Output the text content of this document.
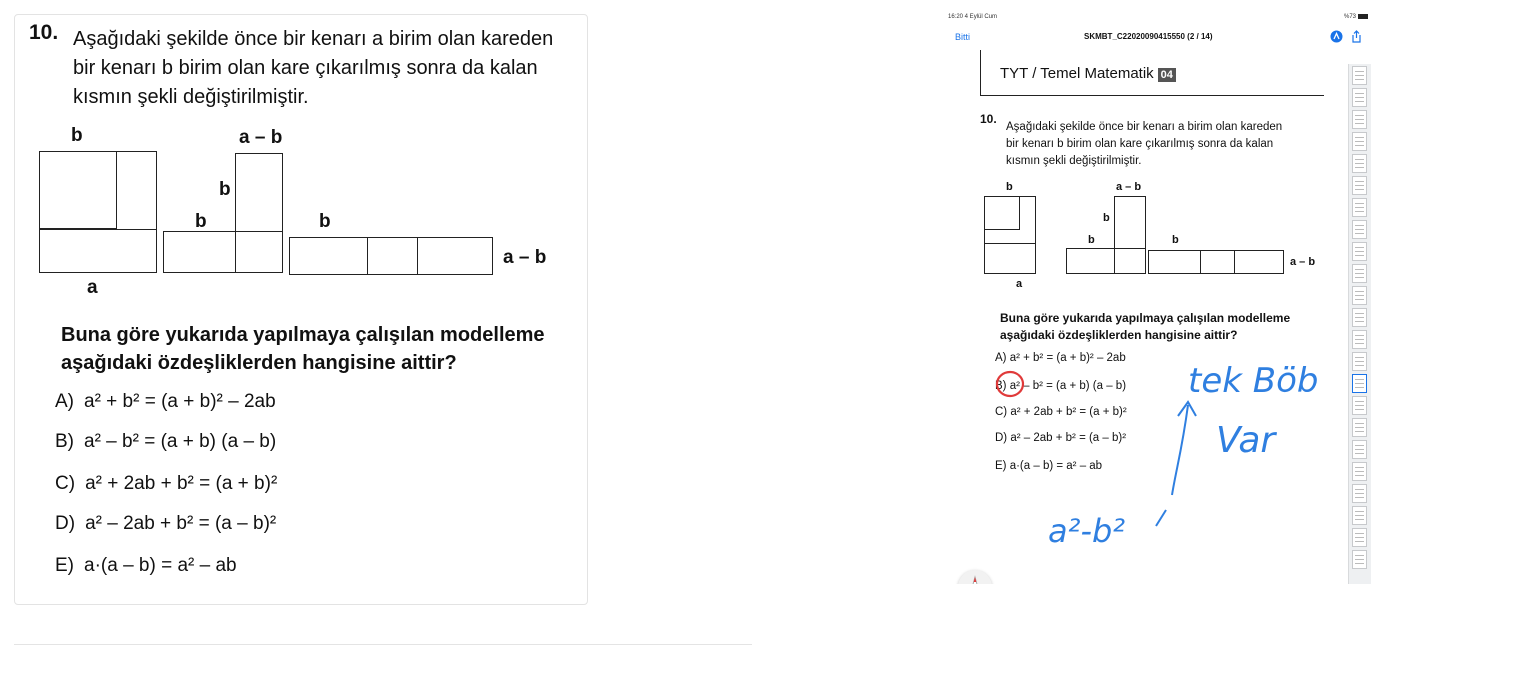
10. Aşağıdaki şekilde önce bir kenarı a birim olan kareden
bir kenarı b birim olan kare çıkarılmış sonra da kalan
kısmın şekli değiştirilmiştir.
b
a
a – b
b
b	b
a – b
Buna göre yukarıda yapılmaya çalışılan modelleme
aşağıdaki özdeşliklerden hangisine aittir?
A) a² + b² = (a + b)² – 2ab
B) a² – b² = (a + b) (a – b)
C) a² + 2ab + b² = (a + b)²
D) a² – 2ab + b² = (a – b)²
E) a·(a – b) = a² – ab
16:20 4 Eylül Cum	%73
Bitti	SKMBT_C22020090415550 (2 / 14)
TYT / Temel Matematik 04
10.
Aşağıdaki şekilde önce bir kenarı a birim olan kareden
bir kenarı b birim olan kare çıkarılmış sonra da kalan
kısmın şekli değiştirilmiştir.
b
a
a – b
b
b	b
a – b
Buna göre yukarıda yapılmaya çalışılan modelleme
aşağıdaki özdeşliklerden hangisine aittir?
A) a² + b² = (a + b)² – 2ab
B) a² – b² = (a + b) (a – b)
C) a² + 2ab + b² = (a + b)²
D) a² – 2ab + b² = (a – b)²
E) a·(a – b) = a² – ab
tek Böb
Var
a²-b²
